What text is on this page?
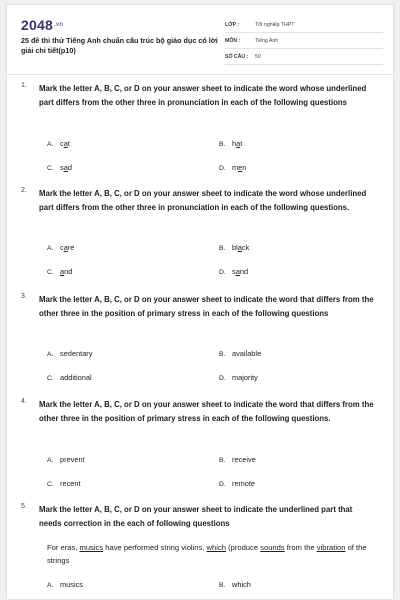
$2048^{.vn}$
25 đề thi thử Tiếng Anh chuẩn cấu trúc bộ giáo dục có lời giải chi tiết(p10)
LỚP :	Tốt nghiệp THPT
MÔN :	Tiếng Anh
SỐ CÂU :	50
1. Mark the letter A, B, C, or D on your answer sheet to indicate the word whose underlined part differs from the other three in pronunciation in each of the following questions
A. cat	B. hat
C. sad	D. men
2. Mark the letter A, B, C, or D on your answer sheet to indicate the word whose underlined part differs from the other three in pronunciation in each of the following questions.
A. care	B. black
C. and	D. sand
3. Mark the letter A, B, C, or D on your answer sheet to indicate the word that differs from the other three in the position of primary stress in each of the following questions
A. sedentary	B. available
C. additional	D. majority
4. Mark the letter A, B, C, or D on your answer sheet to indicate the word that differs from the other three in the position of primary stress in each of the following questions.
A. prevent	B. receive
C. recent	D. remote
5. Mark the letter A, B, C, or D on your answer sheet to indicate the underlined part that needs correction in the each of following questions
For eras, musics have performed string violins, which (produce sounds from the vibration of the strings
A. musics	B. which
